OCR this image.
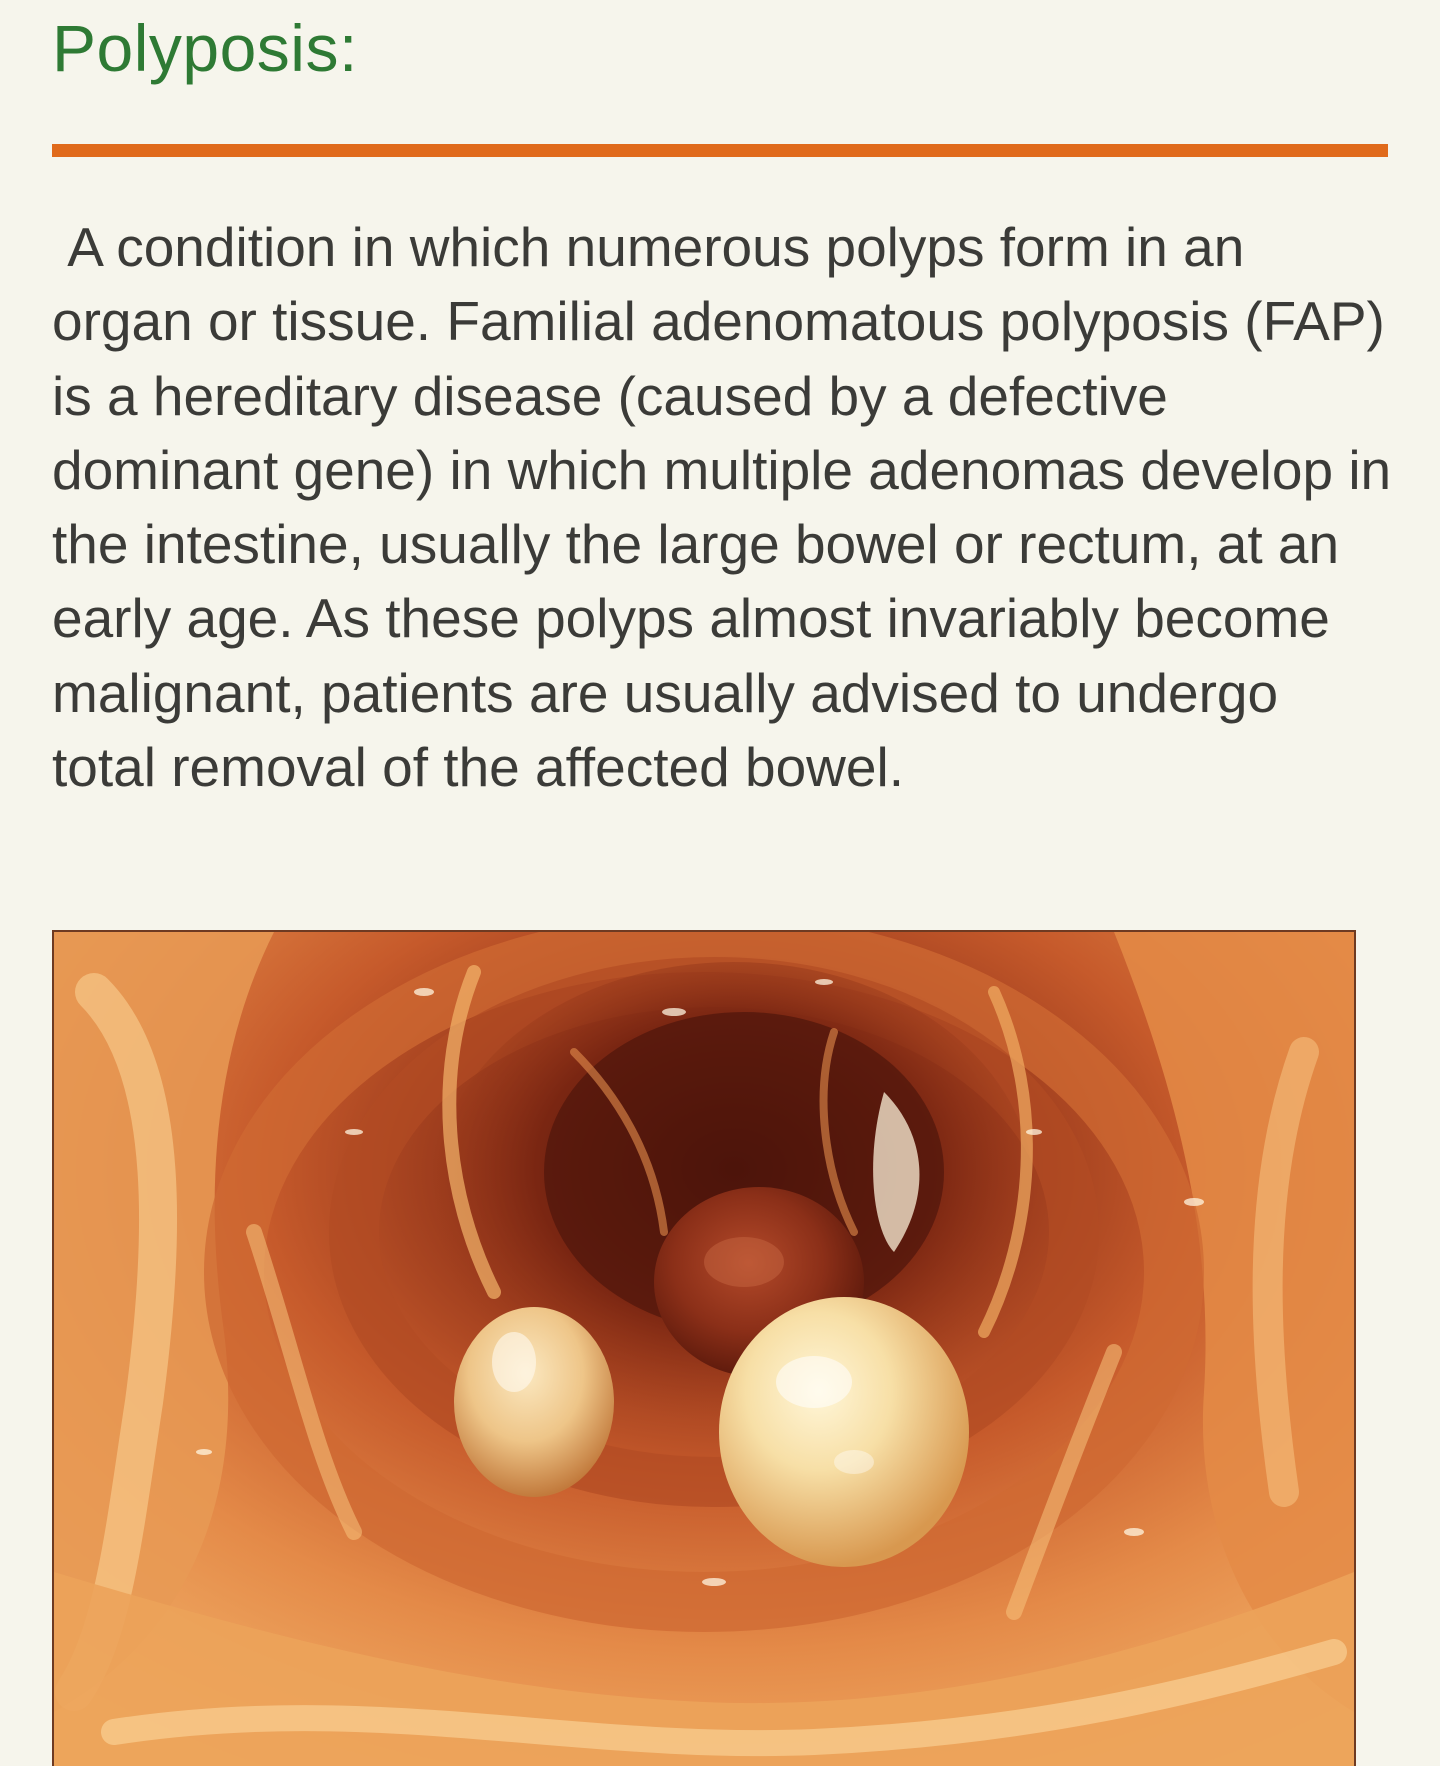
Polyposis:

A condition in which numerous polyps form in an organ or tissue. Familial adenomatous polyposis (FAP) is a hereditary disease (caused by a defective dominant gene) in which multiple adenomas develop in the intestine, usually the large bowel or rectum, at an early age. As these polyps almost invariably become malignant, patients are usually advised to undergo total removal of the affected bowel.
